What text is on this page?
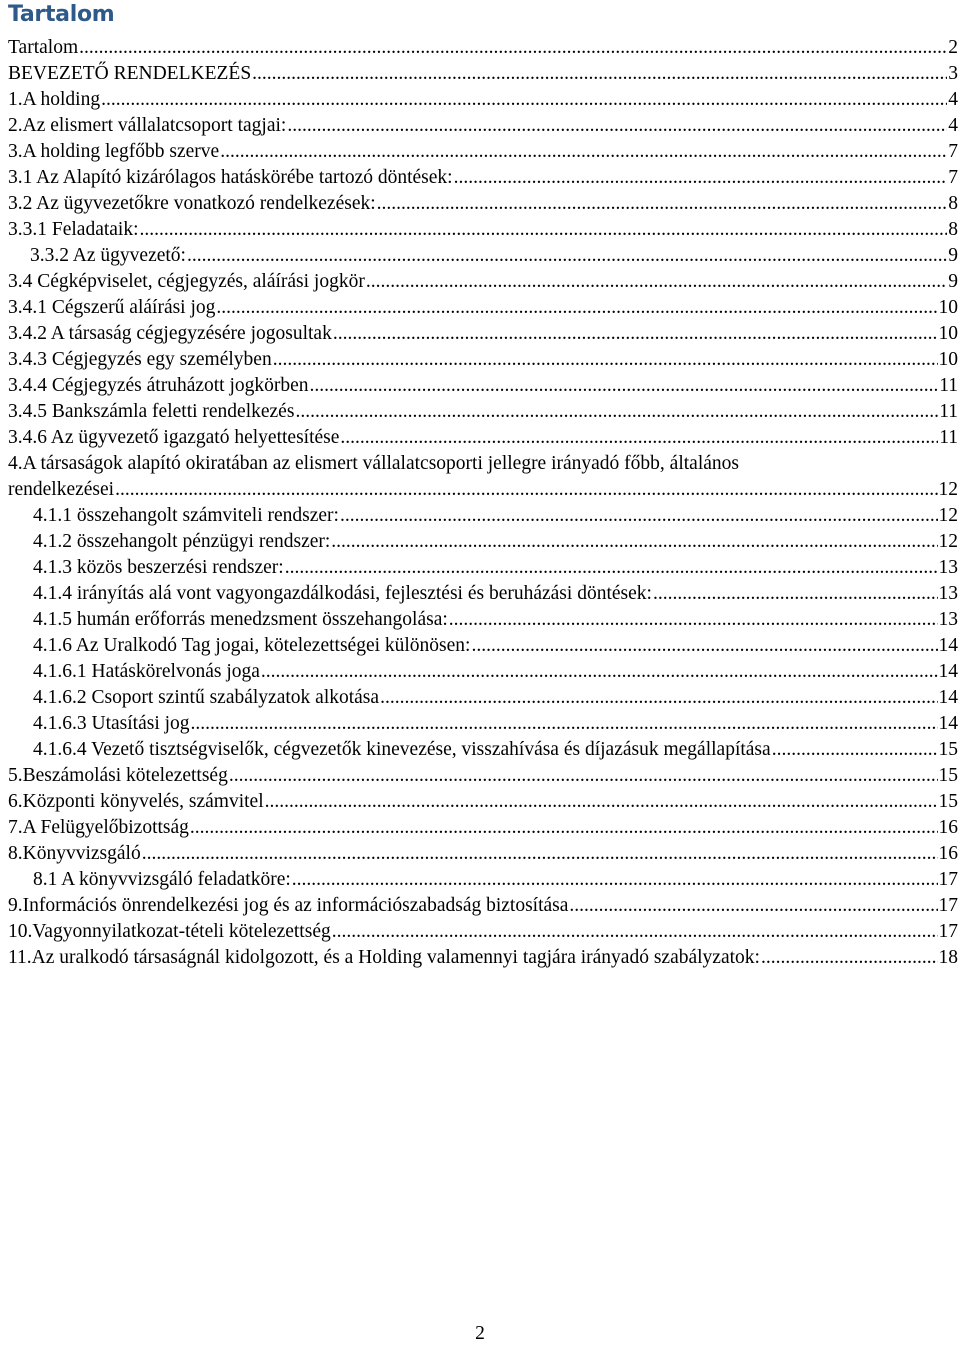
Tartalom
Tartalom .....	2
BEVEZETŐ RENDELKEZÉS .....	3
1.A holding .....	4
2.Az elismert vállalatcsoport tagjai: .....	4
3.A holding legfőbb szerve .....	7
3.1 Az Alapító kizárólagos hatáskörébe tartozó döntések: .....	7
3.2 Az ügyvezetőkre vonatkozó rendelkezések: .....	8
3.3.1 Feladataik: .....	8
3.3.2 Az ügyvezető: .....	9
3.4 Cégképviselet, cégjegyzés, aláírási jogkör .....	9
3.4.1 Cégszerű aláírási jog .....	10
3.4.2 A társaság cégjegyzésére jogosultak .....	10
3.4.3 Cégjegyzés egy személyben .....	10
3.4.4 Cégjegyzés átruházott jogkörben .....	11
3.4.5 Bankszámla feletti rendelkezés .....	11
3.4.6 Az ügyvezető igazgató helyettesítése .....	11
4.A társaságok alapító okiratában az elismert vállalatcsoporti jellegre irányadó főbb, általános
rendelkezései .....	12
4.1.1 összehangolt számviteli rendszer: .....	12
4.1.2 összehangolt pénzügyi rendszer: .....	12
4.1.3 közös beszerzési rendszer: .....	13
4.1.4 irányítás alá vont vagyongazdálkodási, fejlesztési és beruházási döntések: .....	13
4.1.5 humán erőforrás menedzsment összehangolása: .....	13
4.1.6 Az Uralkodó Tag jogai, kötelezettségei különösen: .....	14
4.1.6.1 Hatáskörelvonás joga .....	14
4.1.6.2 Csoport szintű szabályzatok alkotása .....	14
4.1.6.3 Utasítási jog .....	14
4.1.6.4 Vezető tisztségviselők, cégvezetők kinevezése, visszahívása és díjazásuk megállapítása .....	15
5.Beszámolási kötelezettség .....	15
6.Központi könyvelés, számvitel .....	15
7.A Felügyelőbizottság .....	16
8.Könyvvizsgáló .....	16
8.1 A könyvvizsgáló feladatköre: .....	17
9.Információs önrendelkezési jog és az információszabadság biztosítása .....	17
10.Vagyonnyilatkozat-tételi kötelezettség .....	17
11.Az uralkodó társaságnál kidolgozott, és a Holding valamennyi tagjára irányadó szabályzatok: .....	18
2
